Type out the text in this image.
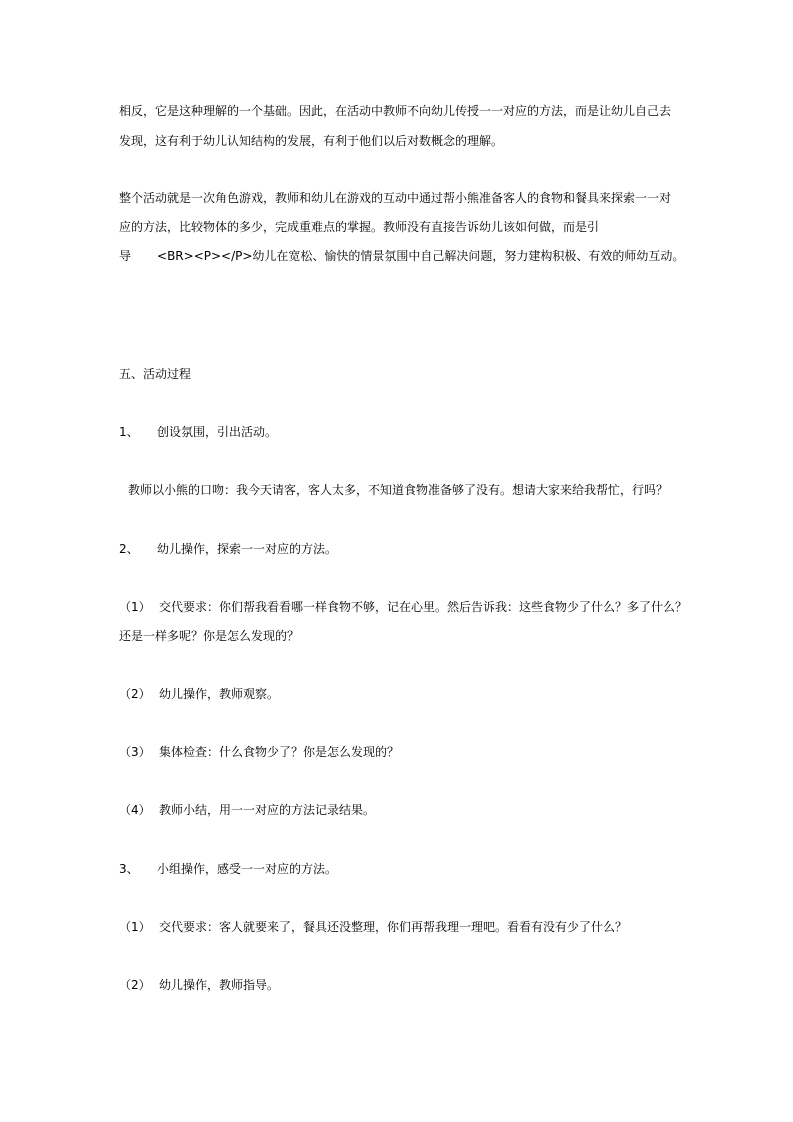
相反，它是这种理解的一个基础。因此，在活动中教师不向幼儿传授一一对应的方法，而是让幼儿自己去

发现，这有利于幼儿认知结构的发展，有利于他们以后对数概念的理解。

整个活动就是一次角色游戏，教师和幼儿在游戏的互动中通过帮小熊准备客人的食物和餐具来探索一一对

应的方法，比较物体的多少，完成重难点的掌握。教师没有直接告诉幼儿该如何做，而是引

导 <BR><P></P>幼儿在宽松、愉快的情景氛围中自己解决问题，努力建构积极、有效的师幼互动。

五、活动过程

1、 创设氛围，引出活动。

教师以小熊的口吻：我今天请客，客人太多，不知道食物准备够了没有。想请大家来给我帮忙，行吗？

2、 幼儿操作，探索一一对应的方法。

（1） 交代要求：你们帮我看看哪一样食物不够，记在心里。然后告诉我：这些食物少了什么？多了什么？

还是一样多呢？你是怎么发现的？

（2） 幼儿操作，教师观察。

（3） 集体检查：什么食物少了？你是怎么发现的？

（4） 教师小结，用一一对应的方法记录结果。

3、 小组操作，感受一一对应的方法。

（1） 交代要求：客人就要来了，餐具还没整理，你们再帮我理一理吧。看看有没有少了什么？

（2） 幼儿操作，教师指导。
